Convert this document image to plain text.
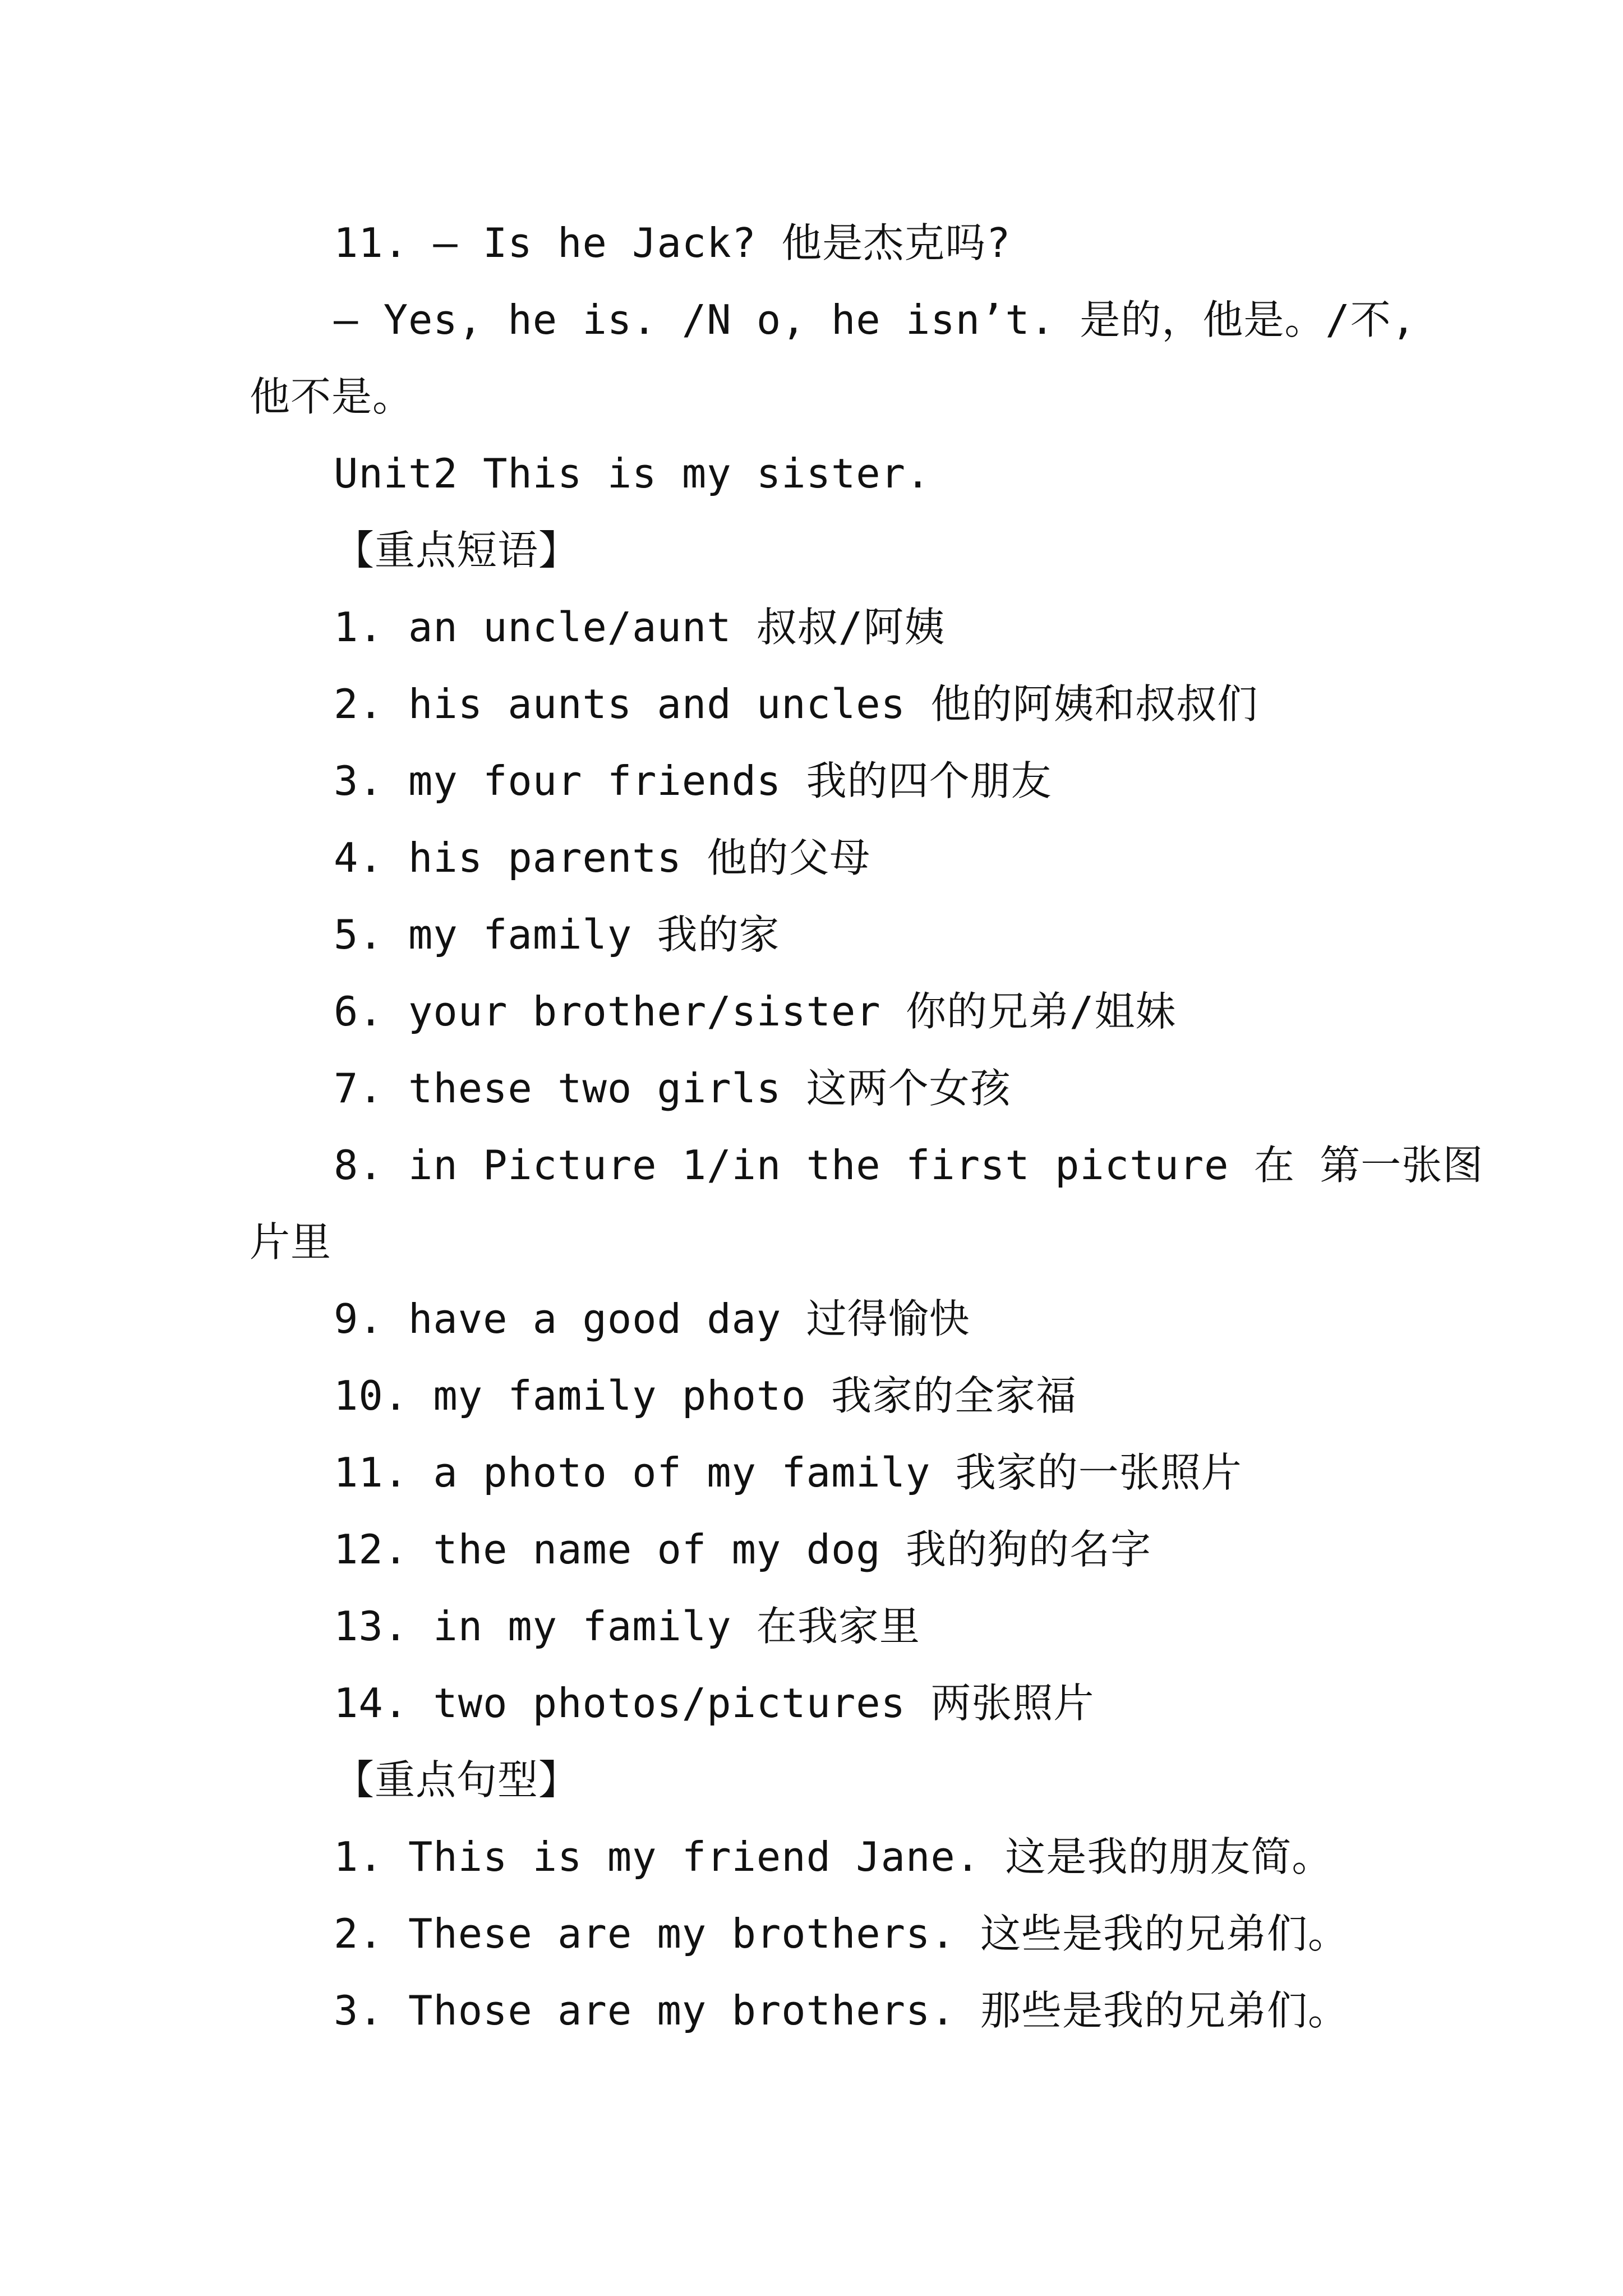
11. — Is he Jack? 他是杰克吗?
— Yes, he is. /N o, he isn’t. 是的，他是。/不,
他不是。
Unit2 This is my sister.
【重点短语】
1. an uncle/aunt 叔叔/阿姨
2. his aunts and uncles 他的阿姨和叔叔们
3. my four friends 我的四个朋友
4. his parents 他的父母
5. my family 我的家
6. your brother/sister 你的兄弟/姐妹
7. these two girls 这两个女孩
8. in Picture 1/in the first picture 在 第一张图
片里
9. have a good day 过得愉快
10. my family photo 我家的全家福
11. a photo of my family 我家的一张照片
12. the name of my dog 我的狗的名字
13. in my family 在我家里
14. two photos/pictures 两张照片
【重点句型】
1. This is my friend Jane. 这是我的朋友简。
2. These are my brothers. 这些是我的兄弟们。
3. Those are my brothers. 那些是我的兄弟们。
